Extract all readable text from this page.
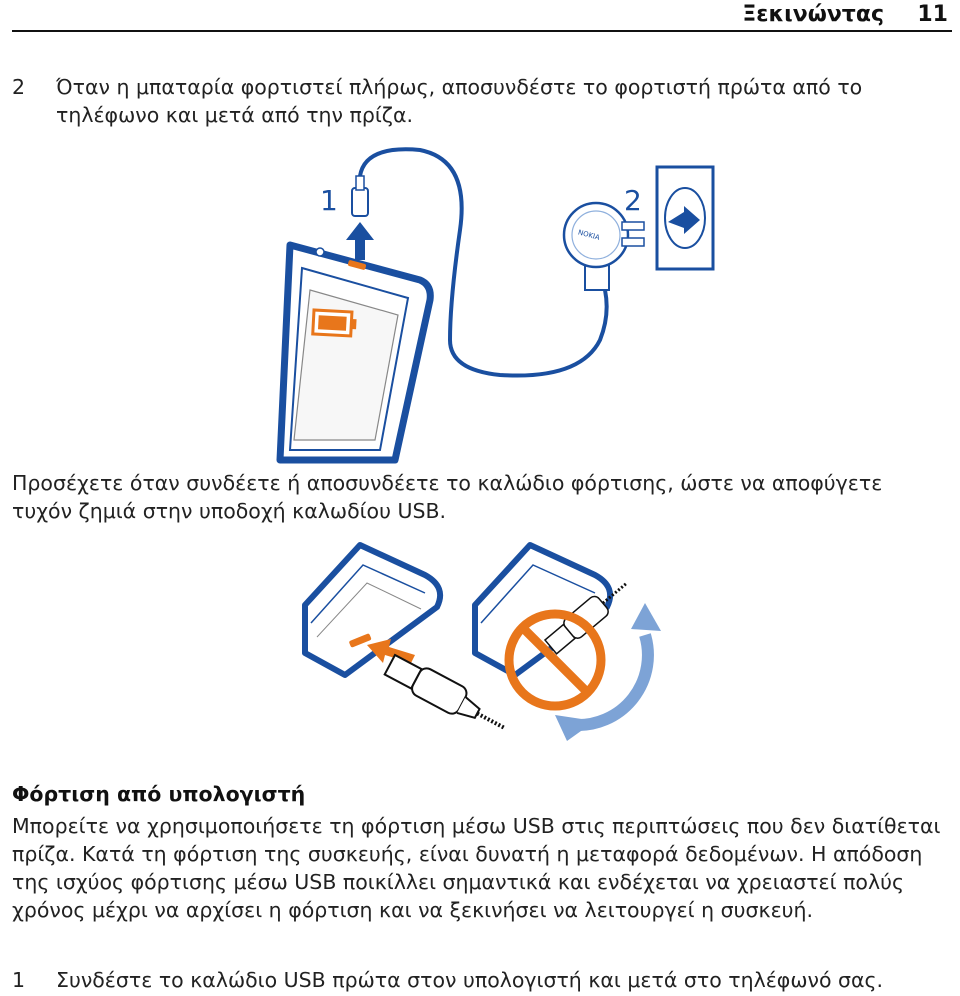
Ξεκινώντας 11
2 Όταν η μπαταρία φορτιστεί πλήρως, αποσυνδέστε το φορτιστή πρώτα από το τηλέφωνο και μετά από την πρίζα.

1	2
NOKIA

Προσέχετε όταν συνδέετε ή αποσυνδέετε το καλώδιο φόρτισης, ώστε να αποφύγετε τυχόν ζημιά στην υποδοχή καλωδίου USB.

Φόρτιση από υπολογιστή

Μπορείτε να χρησιμοποιήσετε τη φόρτιση μέσω USB στις περιπτώσεις που δεν διατίθεται πρίζα. Κατά τη φόρτιση της συσκευής, είναι δυνατή η μεταφορά δεδομένων. Η απόδοση της ισχύος φόρτισης μέσω USB ποικίλλει σημαντικά και ενδέχεται να χρειαστεί πολύς χρόνος μέχρι να αρχίσει η φόρτιση και να ξεκινήσει να λειτουργεί η συσκευή.

1 Συνδέστε το καλώδιο USB πρώτα στον υπολογιστή και μετά στο τηλέφωνό σας.
